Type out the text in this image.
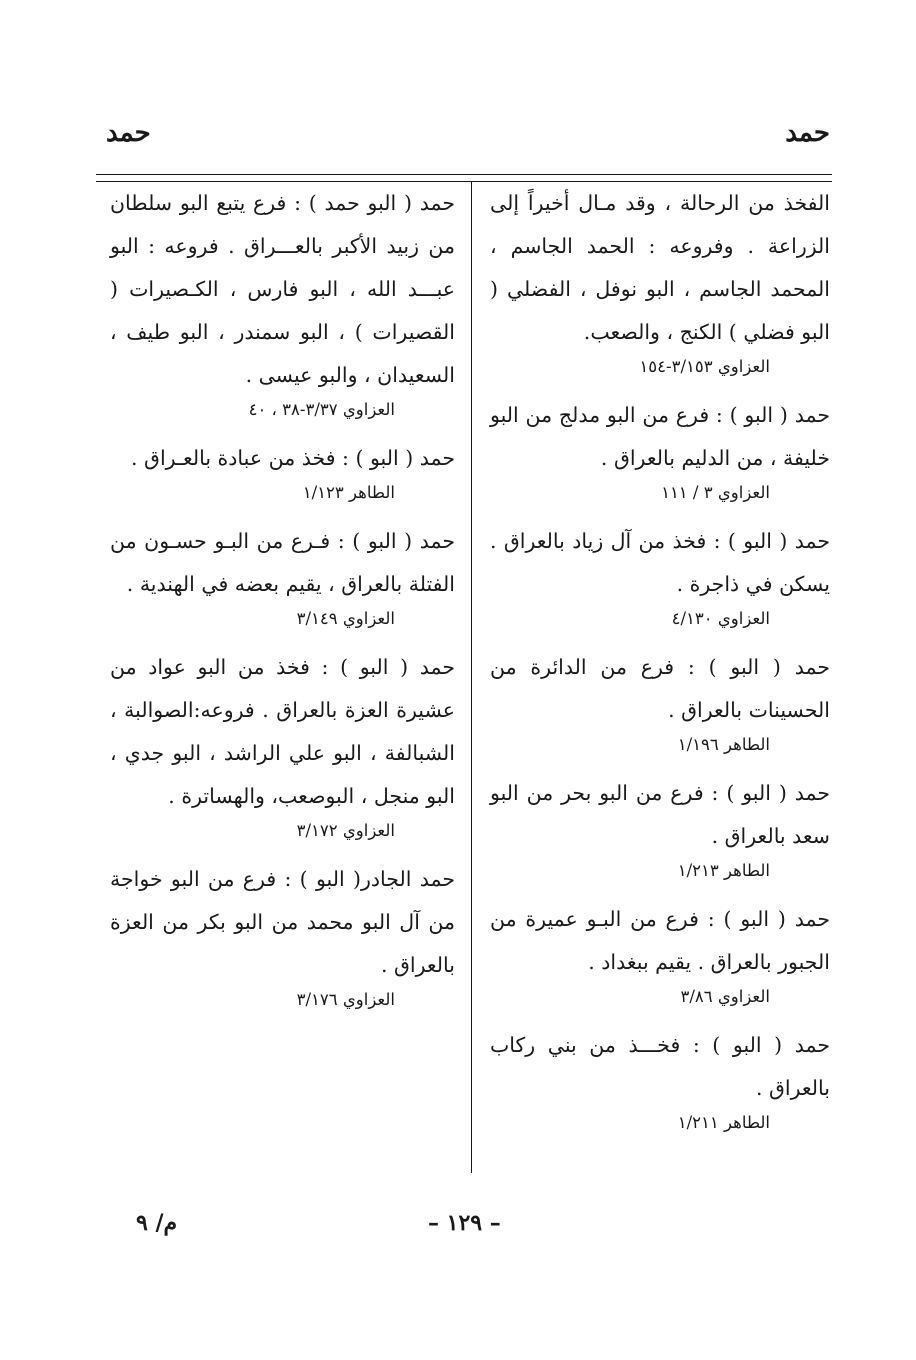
حمد
حمد

الفخذ من الرحالة ، وقد مـال أخيراً إلى الزراعة . وفروعه : الحمد الجاسم ، المحمد الجاسم ، البو نوفل ، الفضلي ( البو فضلي ) الكنج ، والصعب.

العزاوي ٣/١٥٣-١٥٤

حمد ( البو ) : فرع من البو مدلج من البو خليفة ، من الدليم بالعراق .

العزاوي ٣ / ١١١

حمد ( البو ) : فخذ من آل زياد بالعراق . يسكن في ذاجرة .

العزاوي ٤/١٣٠

حمد ( البو ) : فرع من الدائرة من الحسينات بالعراق .

الطاهر ١/١٩٦

حمد ( البو ) : فرع من البو بحر من البو سعد بالعراق .

الطاهر ١/٢١٣

حمد ( البو ) : فرع من البـو عميرة من الجبور بالعراق . يقيم ببغداد .

العزاوي ٣/٨٦

حمد ( البو ) : فخـــذ من بني ركاب بالعراق .

الطاهر ١/٢١١

حمد ( البو حمد ) : فرع يتبع البو سلطان من زبيد الأكبر بالعـــراق . فروعه : البو عبـــد الله ، البو فارس ، الكـصيرات ( القصيرات ) ، البو سمندر ، البو طيف ، السعيدان ، والبو عيسى .

العزاوي ٣/٣٧-٣٨ ، ٤٠

حمد ( البو ) : فخذ من عبادة بالعـراق .

الطاهر ١/١٢٣

حمد ( البو ) : فـرع من البـو حسـون من الفتلة بالعراق ، يقيم بعضه في الهندية .

العزاوي ٣/١٤٩

حمد ( البو ) : فخذ من البو عواد من عشيرة العزة بالعراق . فروعه:الصوالبة ، الشبالفة ، البو علي الراشد ، البو جدي ، البو منجل ، البوصعب، والهساترة .

العزاوي ٣/١٧٢

حمد الجادر( البو ) : فرع من البو خواجة من آل البو محمد من البو بكر من العزة بالعراق .

العزاوي ٣/١٧٦

– ١٢٩ –
م/ ٩
